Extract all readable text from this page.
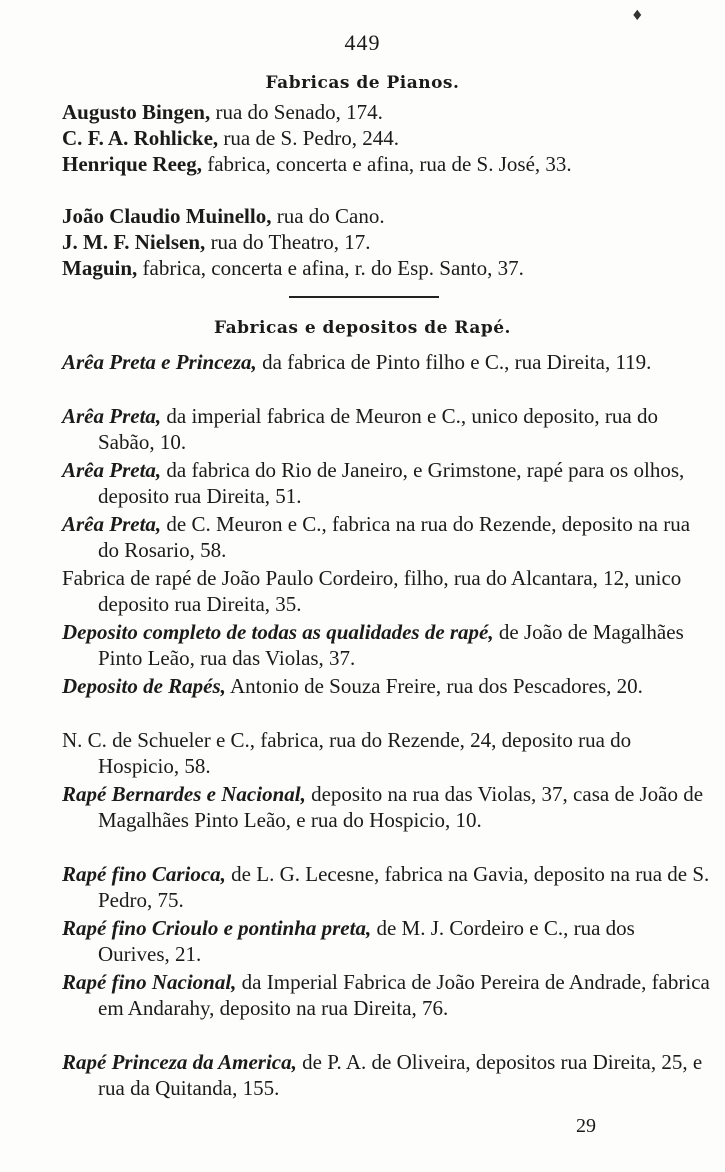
♦
449
Fabricas de Pianos.
Augusto Bingen, rua do Senado, 174.
C. F. A. Rohlicke, rua de S. Pedro, 244.
Henrique Reeg, fabrica, concerta e afina, rua de S. José, 33.
João Claudio Muinello, rua do Cano.
J. M. F. Nielsen, rua do Theatro, 17.
Maguin, fabrica, concerta e afina, r. do Esp. Santo, 37.
Fabricas e depositos de Rapé.
Arêa Preta e Princeza, da fabrica de Pinto filho e C., rua Direita, 119.
Arêa Preta, da imperial fabrica de Meuron e C., unico deposito, rua do Sabão, 10.
Arêa Preta, da fabrica do Rio de Janeiro, e Grimstone, rapé para os olhos, deposito rua Direita, 51.
Arêa Preta, de C. Meuron e C., fabrica na rua do Rezende, deposito na rua do Rosario, 58.
Fabrica de rapé de João Paulo Cordeiro, filho, rua do Alcantara, 12, unico deposito rua Direita, 35.
Deposito completo de todas as qualidades de rapé, de João de Magalhães Pinto Leão, rua das Violas, 37.
Deposito de Rapés, Antonio de Souza Freire, rua dos Pescadores, 20.
N. C. de Schueler e C., fabrica, rua do Rezende, 24, deposito rua do Hospicio, 58.
Rapé Bernardes e Nacional, deposito na rua das Violas, 37, casa de João de Magalhães Pinto Leão, e rua do Hospicio, 10.
Rapé fino Carioca, de L. G. Lecesne, fabrica na Gavia, deposito na rua de S. Pedro, 75.
Rapé fino Crioulo e pontinha preta, de M. J. Cordeiro e C., rua dos Ourives, 21.
Rapé fino Nacional, da Imperial Fabrica de João Pereira de Andrade, fabrica em Andarahy, deposito na rua Direita, 76.
Rapé Princeza da America, de P. A. de Oliveira, depositos rua Direita, 25, e rua da Quitanda, 155.
29
